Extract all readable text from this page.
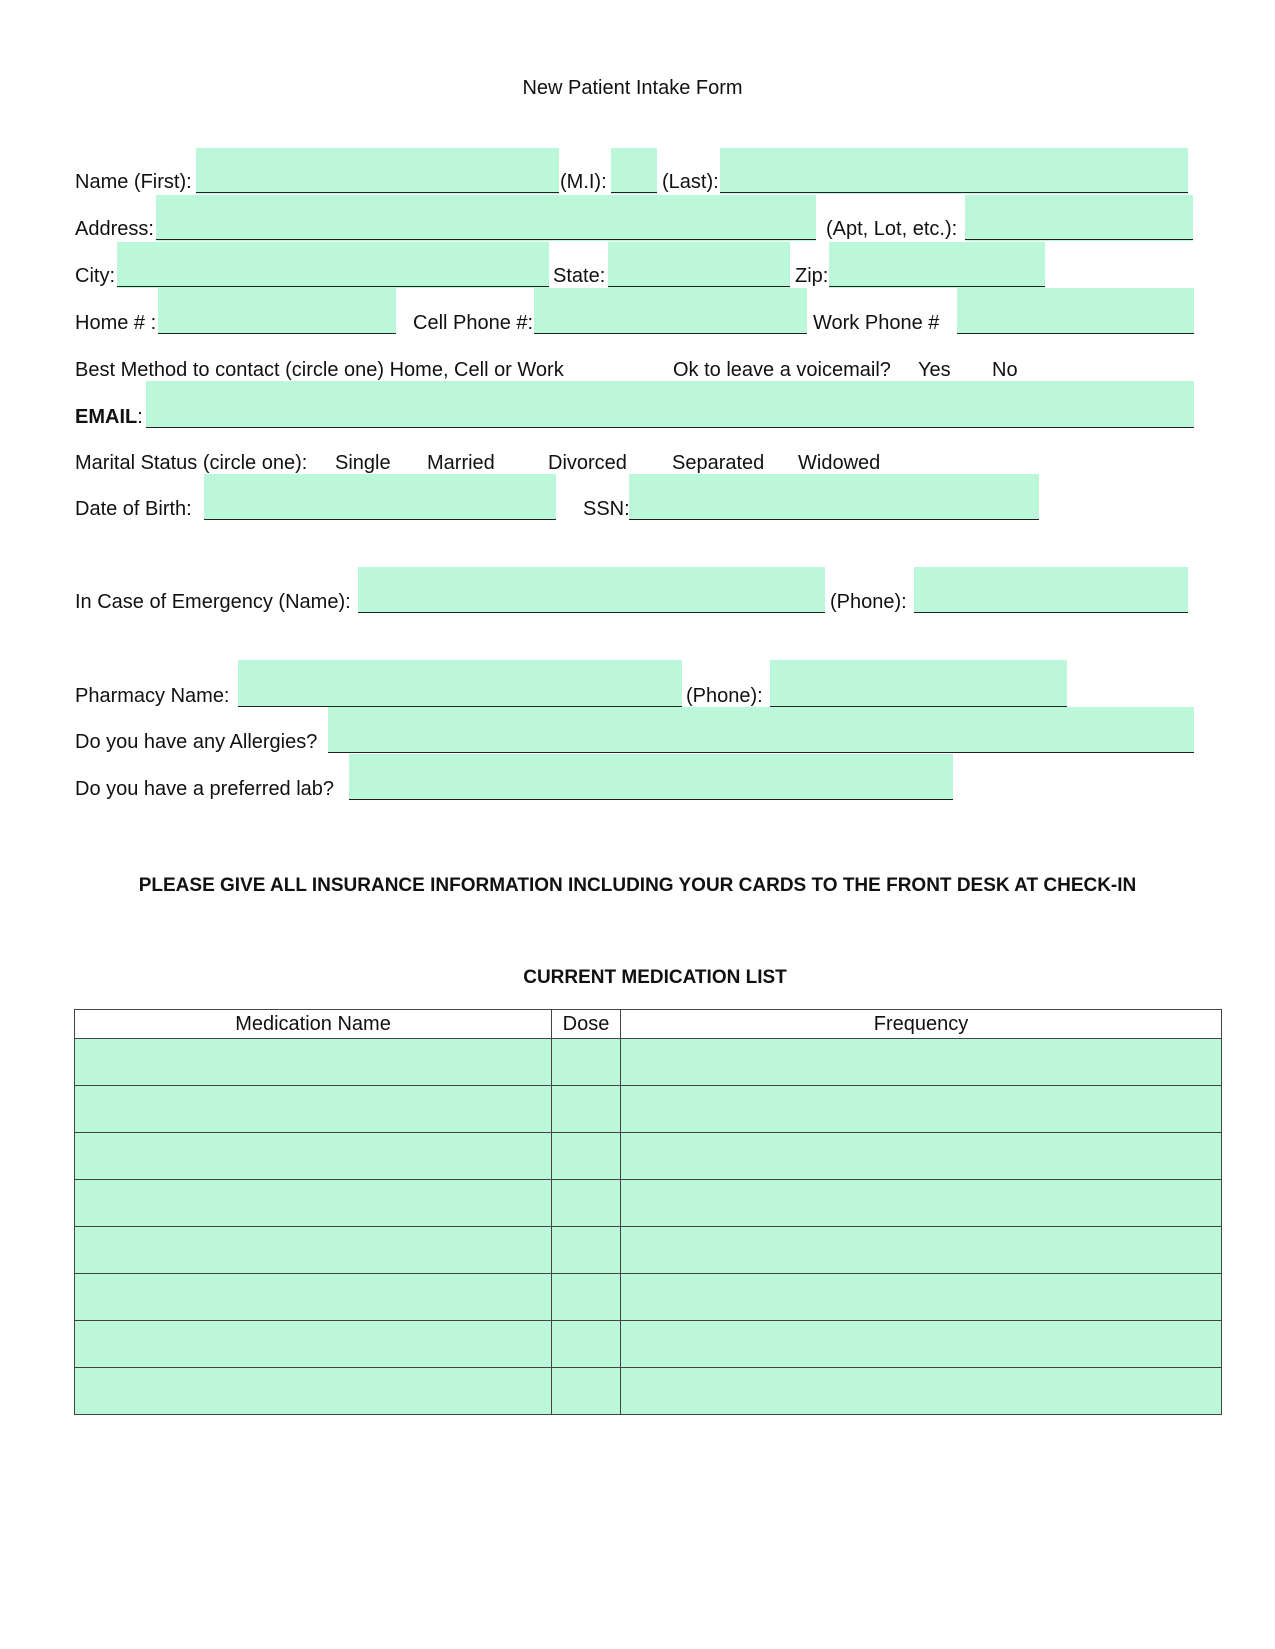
New Patient Intake Form
Name (First):	(M.I):	(Last):
Address:	(Apt, Lot, etc.):
City:	State:	Zip:
Home # :	Cell Phone #:	Work Phone #
Best Method to contact (circle one) Home, Cell or Work	Ok to leave a voicemail? Yes No
EMAIL:
Marital Status (circle one): Single Married	Divorced Separated Widowed
Date of Birth:	SSN:
In Case of Emergency (Name):	(Phone):
Pharmacy Name:	(Phone):
Do you have any Allergies?
Do you have a preferred lab?
PLEASE GIVE ALL INSURANCE INFORMATION INCLUDING YOUR CARDS TO THE FRONT DESK AT CHECK-IN
CURRENT MEDICATION LIST
Medication Name	Dose	Frequency
